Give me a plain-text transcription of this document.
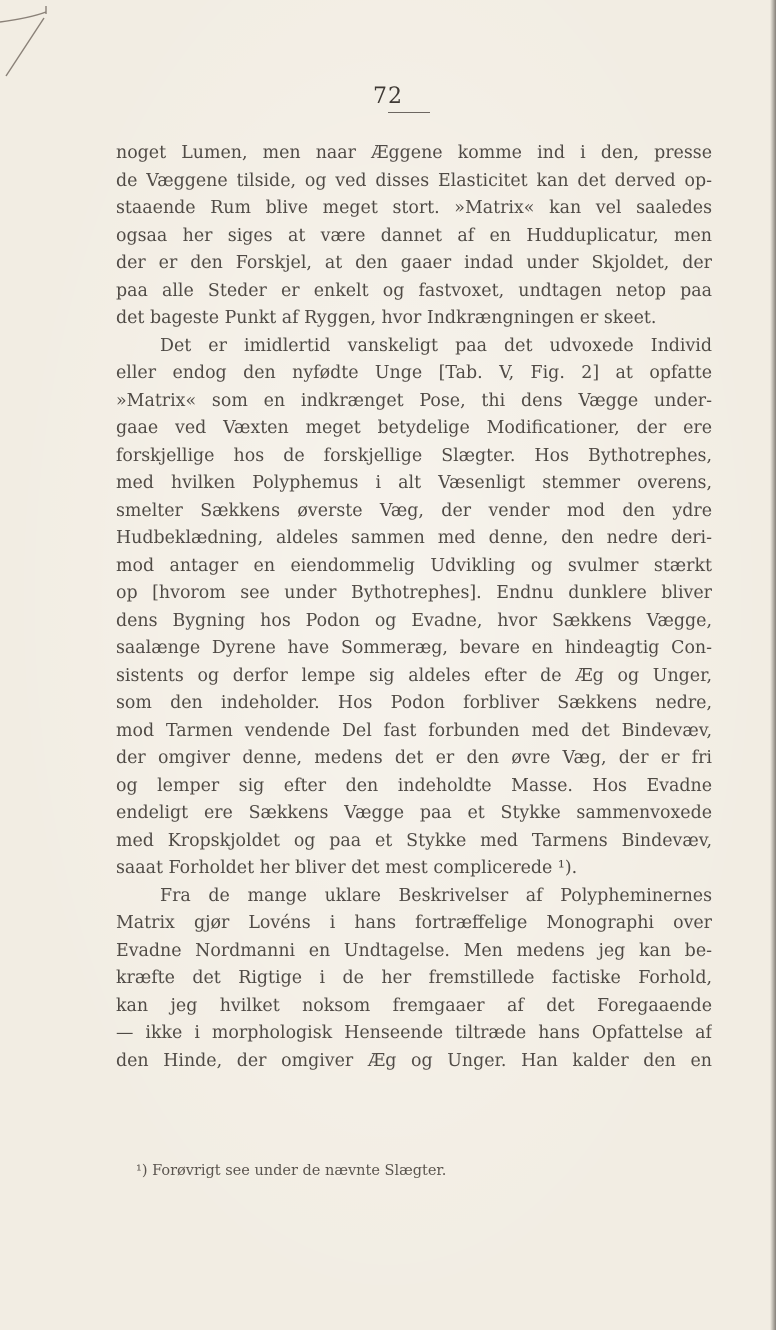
72
noget Lumen, men naar Æggene komme ind i den, presse
de Væggene tilside, og ved disses Elasticitet kan det derved op-
staaende Rum blive meget stort. »Matrix« kan vel saaledes
ogsaa her siges at være dannet af en Hudduplicatur, men
der er den Forskjel, at den gaaer indad under Skjoldet, der
paa alle Steder er enkelt og fastvoxet, undtagen netop paa
det bageste Punkt af Ryggen, hvor Indkrængningen er skeet.
Det er imidlertid vanskeligt paa det udvoxede Individ
eller endog den nyfødte Unge [Tab. V, Fig. 2] at opfatte
»Matrix« som en indkrænget Pose, thi dens Vægge under-
gaae ved Væxten meget betydelige Modificationer, der ere
forskjellige hos de forskjellige Slægter. Hos Bythotrephes,
med hvilken Polyphemus i alt Væsenligt stemmer overens,
smelter Sækkens øverste Væg, der vender mod den ydre
Hudbeklædning, aldeles sammen med denne, den nedre deri-
mod antager en eiendommelig Udvikling og svulmer stærkt
op [hvorom see under Bythotrephes]. Endnu dunklere bliver
dens Bygning hos Podon og Evadne, hvor Sækkens Vægge,
saalænge Dyrene have Sommeræg, bevare en hindeagtig Con-
sistents og derfor lempe sig aldeles efter de Æg og Unger,
som den indeholder. Hos Podon forbliver Sækkens nedre,
mod Tarmen vendende Del fast forbunden med det Bindevæv,
der omgiver denne, medens det er den øvre Væg, der er fri
og lemper sig efter den indeholdte Masse. Hos Evadne
endeligt ere Sækkens Vægge paa et Stykke sammenvoxede
med Kropskjoldet og paa et Stykke med Tarmens Bindevæv,
saaat Forholdet her bliver det mest complicerede ¹).
Fra de mange uklare Beskrivelser af Polypheminernes
Matrix gjør Lovéns i hans fortræffelige Monographi over
Evadne Nordmanni en Undtagelse. Men medens jeg kan be-
kræfte det Rigtige i de her fremstillede factiske Forhold,
kan jeg hvilket noksom fremgaaer af det Foregaaende
— ikke i morphologisk Henseende tiltræde hans Opfattelse af
den Hinde, der omgiver Æg og Unger. Han kalder den en
¹) Forøvrigt see under de nævnte Slægter.
